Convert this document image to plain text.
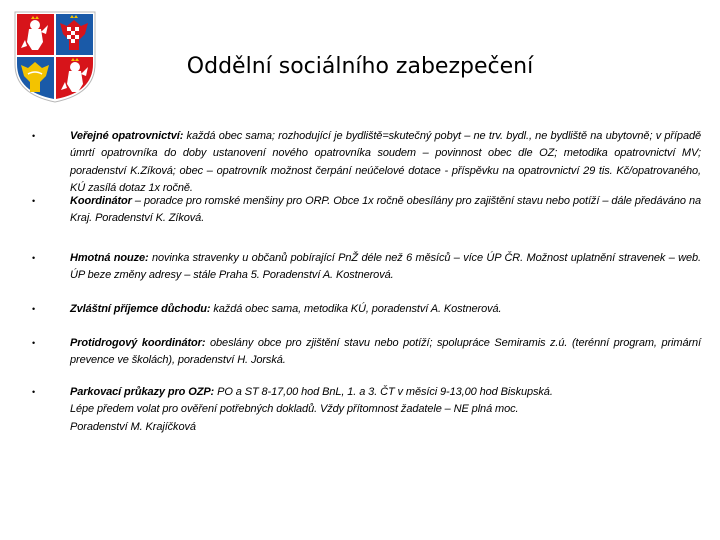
Oddělní sociálního zabezpečení
•	Veřejné opatrovnictví: každá obec sama; rozhodující je bydliště=skutečný pobyt – ne trv. bydl., ne bydliště na ubytovně; v případě úmrtí opatrovníka do doby ustanovení nového opatrovníka soudem – povinnost obec dle OZ; metodika opatrovnictví MV; poradenství K.Zíková; obec – opatrovník možnost čerpání neúčelové dotace - příspěvku na opatrovnictví 29 tis. Kč/opatrovaného, KÚ zasílá dotaz 1x ročně.
•	Koordinátor – poradce pro romské menšiny pro ORP. Obce 1x ročně obesílány pro zajištění stavu nebo potíží – dále předáváno na Kraj. Poradenství K. Zíková.
•	Hmotná nouze: novinka stravenky u občanů pobírající PnŽ déle než 6 měsíců – více ÚP ČR. Možnost uplatnění stravenek – web. ÚP beze změny adresy – stále Praha 5. Poradenství A. Kostnerová.
•	Zvláštní příjemce důchodu: každá obec sama, metodika KÚ, poradenství A. Kostnerová.
•	Protidrogový koordinátor: obeslány obce pro zjištění stavu nebo potíží; spolupráce Semiramis z.ú. (terénní program, primární prevence ve školách), poradenství H. Jorská.
•	Parkovací průkazy pro OZP: PO a ST 8-17,00 hod BnL, 1. a 3. ČT v měsíci 9-13,00 hod Biskupská.
Lépe předem volat pro ověření potřebných dokladů. Vždy přítomnost žadatele – NE plná moc.
Poradenství M. Krajíčková
